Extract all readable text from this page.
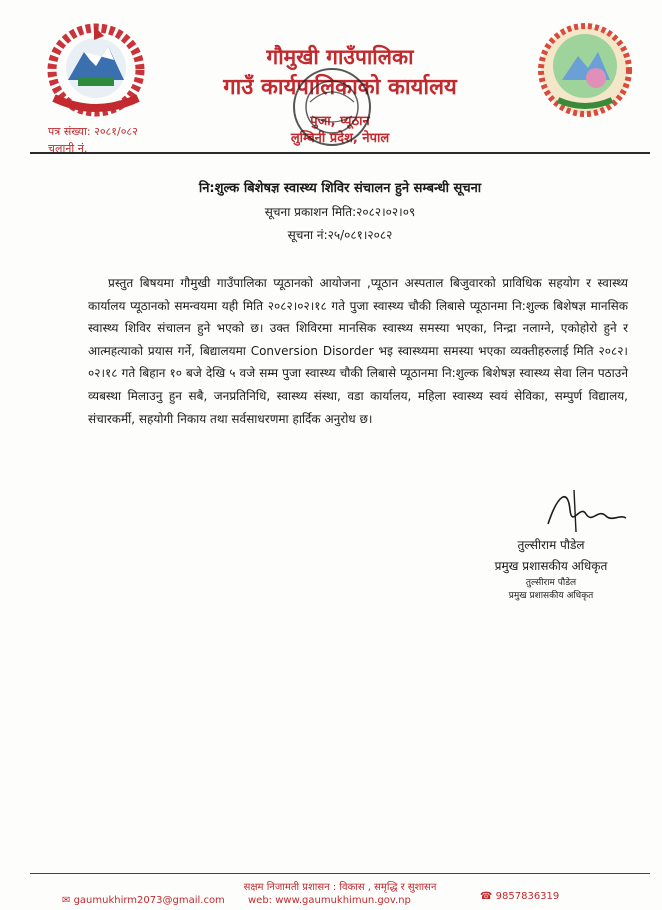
गौमुखी गाउँपालिका
गाउँ कार्यपालिकाको कार्यालय
पुजा, प्यूठान
लुम्बिनी प्रदेश, नेपाल
पत्र संख्या: २०८१/०८२
चलानी नं.
नि:शुल्क बिशेषज्ञ स्वास्थ्य शिविर संचालन हुने सम्बन्धी सूचना
सूचना प्रकाशन मिति:२०८२।०२।०९
सूचना नं:२५/०८१।२०८२
प्रस्तुत बिषयमा गौमुखी गाउँपालिका प्यूठानको आयोजना ,प्यूठान अस्पताल बिजुवारको प्राविधिक सहयोग र स्वास्थ्य कार्यालय प्यूठानको समन्वयमा यही मिति २०८२।०२।१८ गते पुजा स्वास्थ्य चौकी लिबासे प्यूठानमा नि:शुल्क बिशेषज्ञ मानसिक स्वास्थ्य शिविर संचालन हुने भएको छ। उक्त शिविरमा मानसिक स्वास्थ्य समस्या भएका, निन्द्रा नलाग्ने, एकोहोरो हुने र आत्महत्याको प्रयास गर्ने, बिद्यालयमा Conversion Disorder भइ स्वास्थ्यमा समस्या भएका व्यक्तीहरुलाई मिति २०८२।०२।१८ गते बिहान १० बजे देखि ५ वजे सम्म पुजा स्वास्थ्य चौकी लिबासे प्यूठानमा नि:शुल्क बिशेषज्ञ स्वास्थ्य सेवा लिन पठाउने व्यबस्था मिलाउनु हुन सबै, जनप्रतिनिधि, स्वास्थ्य संस्था, वडा कार्यालय, महिला स्वास्थ्य स्वयं सेविका, सम्पुर्ण विद्यालय, संचारकर्मी, सहयोगी निकाय तथा सर्वसाधरणमा हार्दिक अनुरोध छ।
तुल्सीराम पौडेल
प्रमुख प्रशासकीय अधिकृत
तुल्सीराम पौडेल
प्रमुख प्रशासकीय अधिकृत
सक्षम निजामती प्रशासन : विकास , समृद्धि र सुशासन
✉ gaumukhirm2073@gmail.com web: www.gaumukhimun.gov.np	☎ 9857836319
